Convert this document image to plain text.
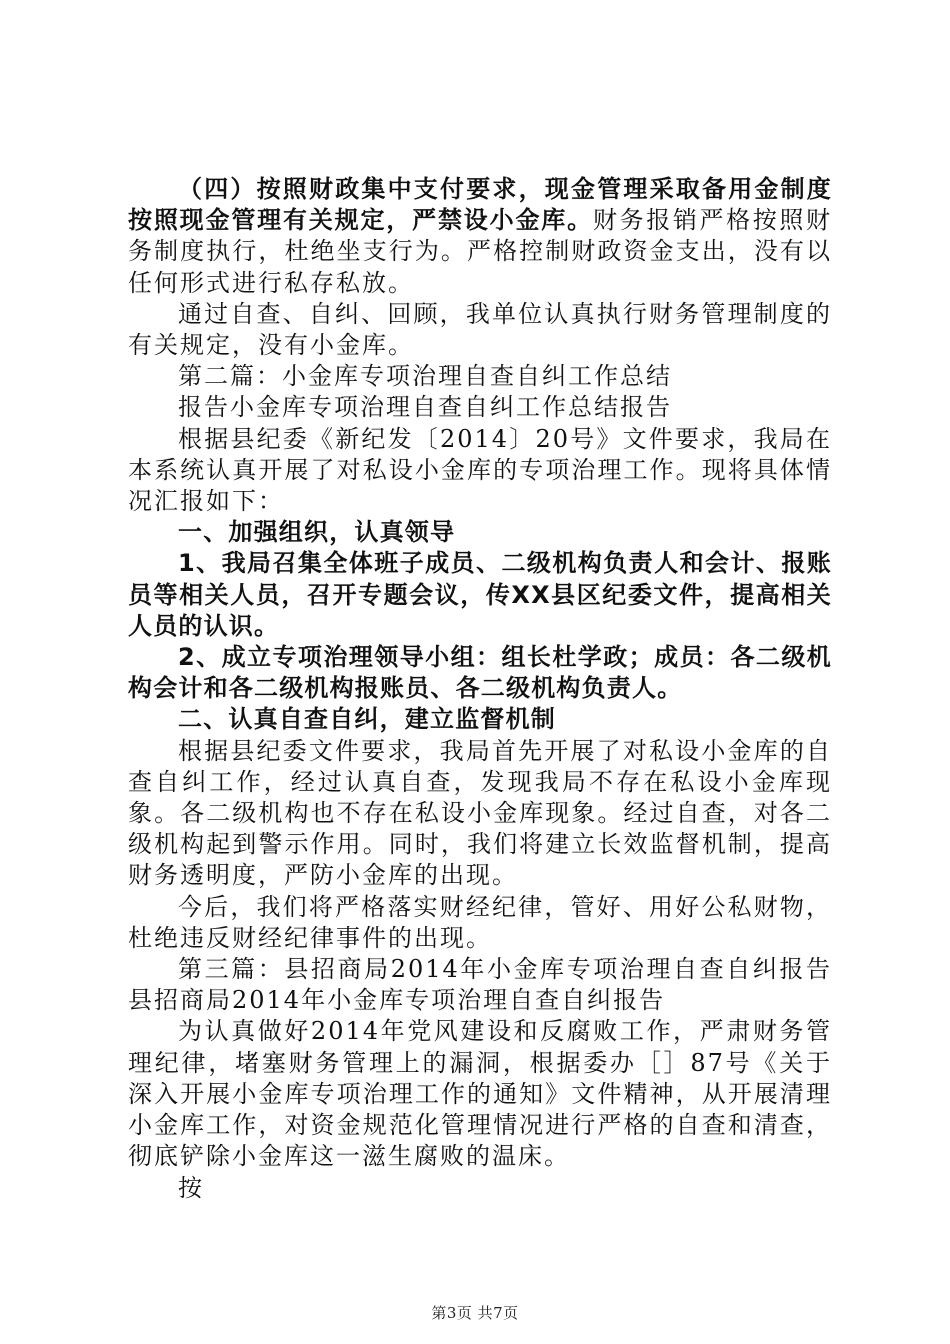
（四）按照财政集中支付要求，现金管理采取备用金制度按照现金管理有关规定，严禁设小金库。财务报销严格按照财务制度执行，杜绝坐支行为。严格控制财政资金支出，没有以任何形式进行私存私放。

通过自查、自纠、回顾，我单位认真执行财务管理制度的有关规定，没有小金库。

第二篇：小金库专项治理自查自纠工作总结

报告小金库专项治理自查自纠工作总结报告

根据县纪委《新纪发〔2014〕20号》文件要求，我局在本系统认真开展了对私设小金库的专项治理工作。现将具体情况汇报如下：

一、加强组织，认真领导

1、我局召集全体班子成员、二级机构负责人和会计、报账员等相关人员，召开专题会议，传XX县区纪委文件，提高相关人员的认识。

2、成立专项治理领导小组：组长杜学政；成员：各二级机构会计和各二级机构报账员、各二级机构负责人。

二、认真自查自纠，建立监督机制

根据县纪委文件要求，我局首先开展了对私设小金库的自查自纠工作，经过认真自查，发现我局不存在私设小金库现象。各二级机构也不存在私设小金库现象。经过自查，对各二级机构起到警示作用。同时，我们将建立长效监督机制，提高财务透明度，严防小金库的出现。

今后，我们将严格落实财经纪律，管好、用好公私财物，杜绝违反财经纪律事件的出现。

第三篇：县招商局2014年小金库专项治理自查自纠报告县招商局2014年小金库专项治理自查自纠报告

为认真做好2014年党风建设和反腐败工作，严肃财务管理纪律，堵塞财务管理上的漏洞，根据委办［］87号《关于深入开展小金库专项治理工作的通知》文件精神，从开展清理小金库工作，对资金规范化管理情况进行严格的自查和清查，彻底铲除小金库这一滋生腐败的温床。

按

第3页 共7页
